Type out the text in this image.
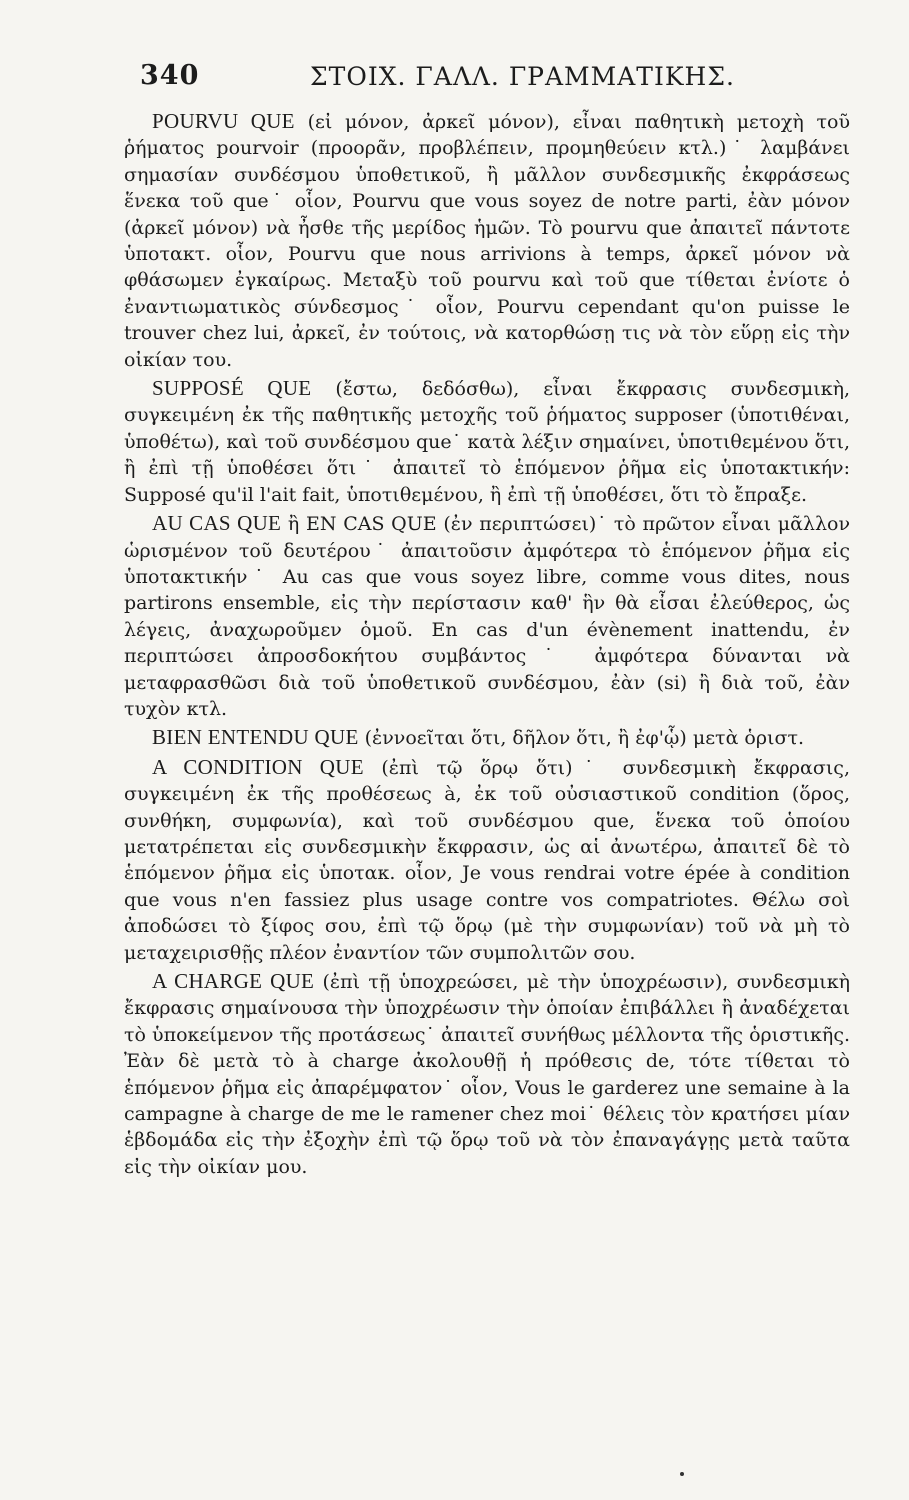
340	ΣΤΟΙΧ. ΓΑΛΛ. ΓΡΑΜΜΑΤΙΚΗΣ.

POURVU QUE (εἰ μόνον, ἀρκεῖ μόνον), εἶναι παθητικὴ μετοχὴ τοῦ ῥήματος pourvoir (προορᾶν, προβλέπειν, προμηθεύειν κτλ.)˙ λαμβάνει σημασίαν συνδέσμου ὑποθετικοῦ, ἢ μᾶλλον συνδεσμικῆς ἐκφράσεως ἕνεκα τοῦ que˙ οἷον, Pourvu que vous soyez de notre parti, ἐὰν μόνον (ἀρκεῖ μόνον) νὰ ἦσθε τῆς μερίδος ἡμῶν. Τὸ pourvu que ἀπαιτεῖ πάντοτε ὑποτακτ. οἷον, Pourvu que nous arrivions à temps, ἀρκεῖ μόνον νὰ φθάσωμεν ἐγκαίρως. Μεταξὺ τοῦ pourvu καὶ τοῦ que τίθεται ἐνίοτε ὁ ἐναντιωματικὸς σύνδεσμος˙ οἷον, Pourvu cependant qu'on puisse le trouver chez lui, ἀρκεῖ, ἐν τούτοις, νὰ κατορθώσῃ τις νὰ τὸν εὕρῃ εἰς τὴν οἰκίαν του.

SUPPOSÉ QUE (ἔστω, δεδόσθω), εἶναι ἔκφρασις συνδεσμικὴ, συγκειμένη ἐκ τῆς παθητικῆς μετοχῆς τοῦ ῥήματος supposer (ὑποτιθέναι, ὑποθέτω), καὶ τοῦ συνδέσμου que˙ κατὰ λέξιν σημαίνει, ὑποτιθεμένου ὅτι, ἢ ἐπὶ τῇ ὑποθέσει ὅτι˙ ἀπαιτεῖ τὸ ἑπόμενον ῥῆμα εἰς ὑποτακτικήν: Supposé qu'il l'ait fait, ὑποτιθεμένου, ἢ ἐπὶ τῇ ὑποθέσει, ὅτι τὸ ἔπραξε.

AU CAS QUE ἢ EN CAS QUE (ἐν περιπτώσει)˙ τὸ πρῶτον εἶναι μᾶλλον ὡρισμένον τοῦ δευτέρου˙ ἀπαιτοῦσιν ἀμφότερα τὸ ἑπόμενον ῥῆμα εἰς ὑποτακτικήν˙ Au cas que vous soyez libre, comme vous dites, nous partirons ensemble, εἰς τὴν περίστασιν καθ' ἣν θὰ εἶσαι ἐλεύθερος, ὡς λέγεις, ἀναχωροῦμεν ὁμοῦ. En cas d'un évènement inattendu, ἐν περιπτώσει ἀπροσδοκήτου συμβάντος˙ ἀμφότερα δύνανται νὰ μεταφρασθῶσι διὰ τοῦ ὑποθετικοῦ συνδέσμου, ἐὰν (si) ἢ διὰ τοῦ, ἐὰν τυχὸν κτλ.

BIEN ENTENDU QUE (ἐννοεῖται ὅτι, δῆλον ὅτι, ἢ ἐφ'ᾧ) μετὰ ὁριστ.

A CONDITION QUE (ἐπὶ τῷ ὅρῳ ὅτι)˙ συνδεσμικὴ ἔκφρασις, συγκειμένη ἐκ τῆς προθέσεως à, ἐκ τοῦ οὐσιαστικοῦ condition (ὅρος, συνθήκη, συμφωνία), καὶ τοῦ συνδέσμου que, ἕνεκα τοῦ ὁποίου μετατρέπεται εἰς συνδεσμικὴν ἔκφρασιν, ὡς αἱ ἀνωτέρω, ἀπαιτεῖ δὲ τὸ ἑπόμενον ῥῆμα εἰς ὑποτακ. οἷον, Je vous rendrai votre épée à condition que vous n'en fassiez plus usage contre vos compatriotes. Θέλω σοὶ ἀποδώσει τὸ ξίφος σου, ἐπὶ τῷ ὅρῳ (μὲ τὴν συμφωνίαν) τοῦ νὰ μὴ τὸ μεταχειρισθῇς πλέον ἐναντίον τῶν συμπολιτῶν σου.

A CHARGE QUE (ἐπὶ τῇ ὑποχρεώσει, μὲ τὴν ὑποχρέωσιν), συνδεσμικὴ ἔκφρασις σημαίνουσα τὴν ὑποχρέωσιν τὴν ὁποίαν ἐπιβάλλει ἢ ἀναδέχεται τὸ ὑποκείμενον τῆς προτάσεως˙ ἀπαιτεῖ συνήθως μέλλοντα τῆς ὁριστικῆς. Ἐὰν δὲ μετὰ τὸ à charge ἀκολουθῇ ἡ πρόθεσις de, τότε τίθεται τὸ ἑπόμενον ῥῆμα εἰς ἀπαρέμφατον˙ οἷον, Vous le garderez une semaine à la campagne à charge de me le ramener chez moi˙ θέλεις τὸν κρατήσει μίαν ἑβδομάδα εἰς τὴν ἐξοχὴν ἐπὶ τῷ ὅρῳ τοῦ νὰ τὸν ἐπαναγάγῃς μετὰ ταῦτα εἰς τὴν οἰκίαν μου.
